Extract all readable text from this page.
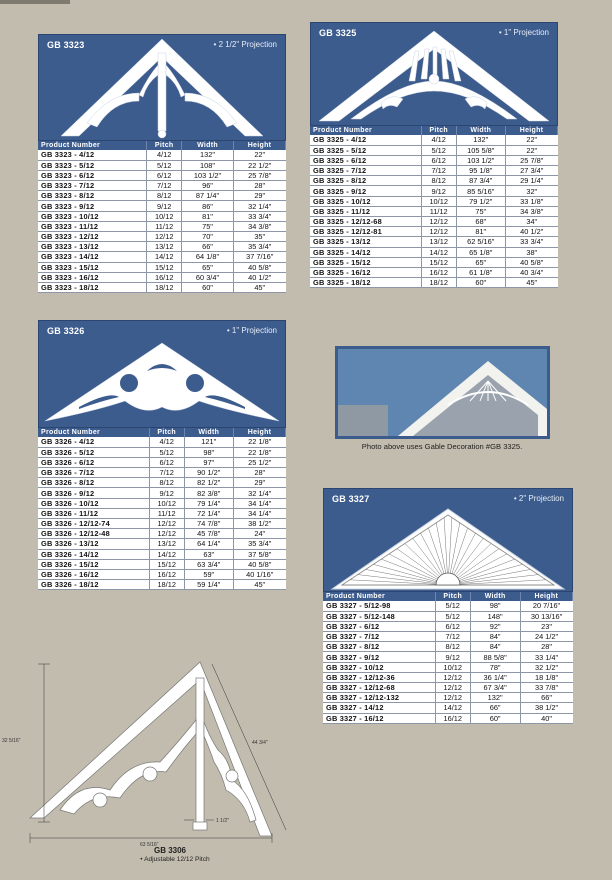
GB 3323	• 2 1/2" Projection
Product Number	Pitch	Width	Height
GB 3323 - 4/12	4/12	132"	22"
GB 3323 - 5/12	5/12	108"	22 1/2"
GB 3323 - 6/12	6/12	103 1/2"	25 7/8"
GB 3323 - 7/12	7/12	96"	28"
GB 3323 - 8/12	8/12	87 1/4"	29"
GB 3323 - 9/12	9/12	86"	32 1/4"
GB 3323 - 10/12	10/12	81"	33 3/4"
GB 3323 - 11/12	11/12	75"	34 3/8"
GB 3323 - 12/12	12/12	70"	35"
GB 3323 - 13/12	13/12	66"	35 3/4"
GB 3323 - 14/12	14/12	64 1/8"	37 7/16"
GB 3323 - 15/12	15/12	65"	40 5/8"
GB 3323 - 16/12	16/12	60 3/4"	40 1/2"
GB 3323 - 18/12	18/12	60"	45"
GB 3325	• 1" Projection
Product Number	Pitch	Width	Height
GB 3325 - 4/12	4/12	132"	22"
GB 3325 - 5/12	5/12	105 5/8"	22"
GB 3325 - 6/12	6/12	103 1/2"	25 7/8"
GB 3325 - 7/12	7/12	95 1/8"	27 3/4"
GB 3325 - 8/12	8/12	87 3/4"	29 1/4"
GB 3325 - 9/12	9/12	85 5/16"	32"
GB 3325 - 10/12	10/12	79 1/2"	33 1/8"
GB 3325 - 11/12	11/12	75"	34 3/8"
GB 3325 - 12/12-68	12/12	68"	34"
GB 3325 - 12/12-81	12/12	81"	40 1/2"
GB 3325 - 13/12	13/12	62 5/16"	33 3/4"
GB 3325 - 14/12	14/12	65 1/8"	38"
GB 3325 - 15/12	15/12	65"	40 5/8"
GB 3325 - 16/12	16/12	61 1/8"	40 3/4"
GB 3325 - 18/12	18/12	60"	45"
GB 3326	• 1" Projection
Product Number	Pitch	Width	Height
GB 3326 - 4/12	4/12	121"	22 1/8"
GB 3326 - 5/12	5/12	98"	22 1/8"
GB 3326 - 6/12	6/12	97"	25 1/2"
GB 3326 - 7/12	7/12	90 1/2"	28"
GB 3326 - 8/12	8/12	82 1/2"	29"
GB 3326 - 9/12	9/12	82 3/8"	32 1/4"
GB 3326 - 10/12	10/12	79 1/4"	34 1/4"
GB 3326 - 11/12	11/12	72 1/4"	34 1/4"
GB 3326 - 12/12-74	12/12	74 7/8"	38 1/2"
GB 3326 - 12/12-48	12/12	45 7/8"	24"
GB 3326 - 13/12	13/12	64 1/4"	35 3/4"
GB 3326 - 14/12	14/12	63"	37 5/8"
GB 3326 - 15/12	15/12	63 3/4"	40 5/8"
GB 3326 - 16/12	16/12	59"	40 1/16"
GB 3326 - 18/12	18/12	59 1/4"	45"
Photo above uses Gable Decoration #GB 3325.
GB 3327	• 2" Projection
Product Number	Pitch	Width	Height
GB 3327 - 5/12-98	5/12	98"	20 7/16"
GB 3327 - 5/12-148	5/12	148"	30 13/16"
GB 3327 - 6/12	6/12	92"	23"
GB 3327 - 7/12	7/12	84"	24 1/2"
GB 3327 - 8/12	8/12	84"	28"
GB 3327 - 9/12	9/12	88 5/8"	33 1/4"
GB 3327 - 10/12	10/12	78"	32 1/2"
GB 3327 - 12/12-36	12/12	36 1/4"	18 1/8"
GB 3327 - 12/12-68	12/12	67 3/4"	33 7/8"
GB 3327 - 12/12-132	12/12	132"	66"
GB 3327 - 14/12	14/12	66"	38 1/2"
GB 3327 - 16/12	16/12	60"	40"
32 5/16"	44 3/4"
63 5/16"
1 1/2"
GB 3306
• Adjustable 12/12 Pitch
